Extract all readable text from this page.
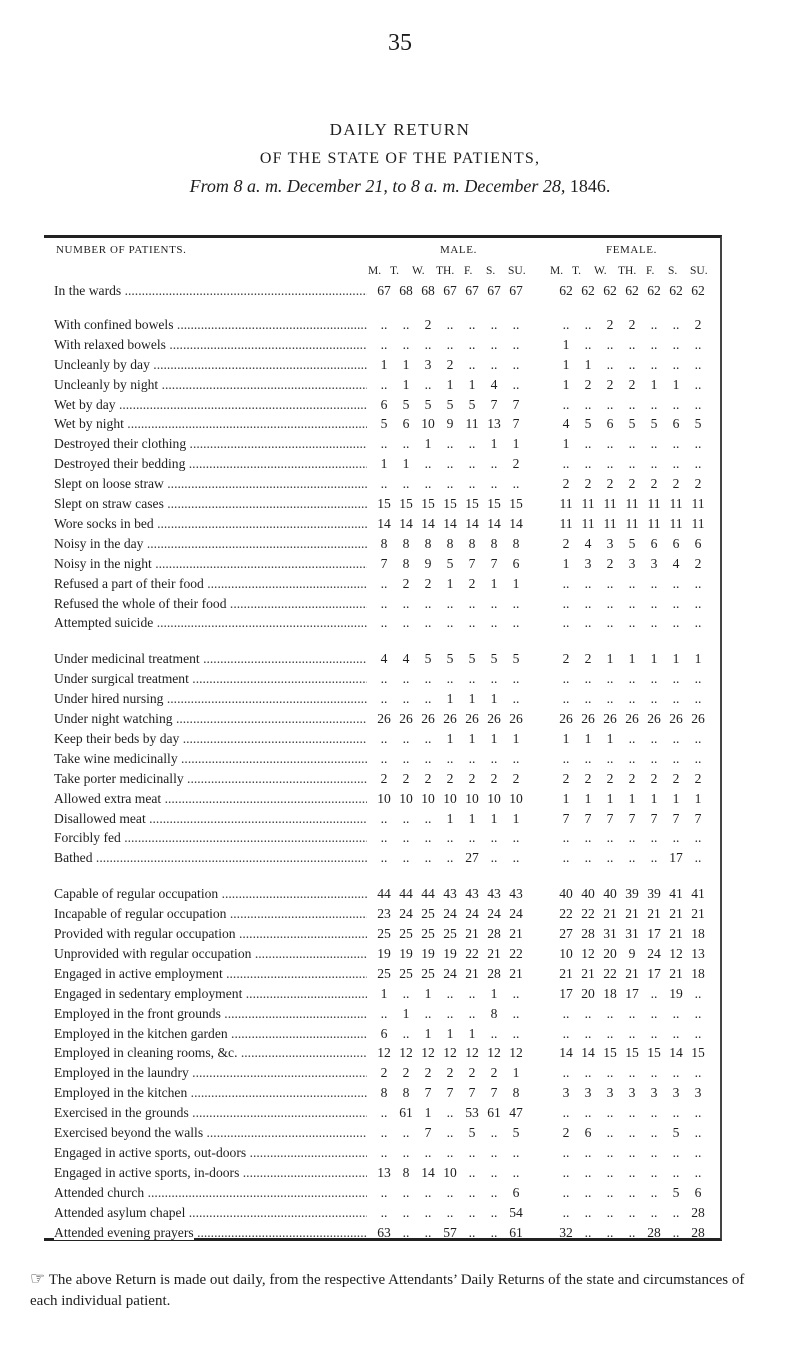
35
DAILY RETURN
OF THE STATE OF THE PATIENTS,
From 8 a. m. December 21, to 8 a. m. December 28, 1846.
NUMBER OF PATIENTS.	MALE.	FEMALE.
M. T. W. TH. F. S. SU. M. T. W. TH. F. S. SU.
In the wards .....	67 68 68 67 67 67 67	62 62 62 62 62 62 62
With confined bowels .....	..	..	2	..	..	..	..	..	..	2	2	..	..	2
With relaxed bowels .....	..	..	..	..	..	..	..	1	..	..	..	..	..	..
Uncleanly by day .....	1	1	3	2	..	..	..	1	1	..	..	..	..	..
Uncleanly by night .....	..	1	..	1	1	4	..	1	2	2	2	1	1	..
Wet by day .....	6	5	5	5	5	7	7	..	..	..	..	..	..	..
Wet by night .....	5	6 10 9 11 13 7	4	5	6	5	5	6	5
Destroyed their clothing .....	..	..	1	..	..	1	1	1	..	..	..	..	..	..
Destroyed their bedding .....	1	1	..	..	..	..	2	..	..	..	..	..	..	..
Slept on loose straw .....	..	..	..	..	..	..	..	2	2	2	2	2	2	2
Slept on straw cases .....	15 15 15 15 15 15 15	11 11 11 11 11 11 11
Wore socks in bed .....	14 14 14 14 14 14 14	11 11 11 11 11 11 11
Noisy in the day .....	8	8	8	8	8	8	8	2	4	3	5	6	6	6
Noisy in the night .....	7	8	9	5	7	7	6	1	3	2	3	3	4	2
Refused a part of their food .....	..	2	2	1	2	1	1	..	..	..	..	..	..	..
Refused the whole of their food .....	..	..	..	..	..	..	..	..	..	..	..	..	..	..
Attempted suicide .....	..	..	..	..	..	..	..	..	..	..	..	..	..	..
Under medicinal treatment .....	4	4	5	5	5	5	5	2	2	1	1	1	1	1
Under surgical treatment .....	..	..	..	..	..	..	..	..	..	..	..	..	..	..
Under hired nursing .....	..	..	..	1	1	1	..	..	..	..	..	..	..	..
Under night watching .....	26 26 26 26 26 26 26	26 26 26 26 26 26 26
Keep their beds by day .....	..	..	..	1	1	1	1	1	1	1	..	..	..	..
Take wine medicinally .....	..	..	..	..	..	..	..	..	..	..	..	..	..	..
Take porter medicinally .....	2	2	2	2	2	2	2	2	2	2	2	2	2	2
Allowed extra meat .....	10 10 10 10 10 10 10	1	1	1	1	1	1	1
Disallowed meat .....	..	..	..	1	1	1	1	7	7	7	7	7	7	7
Forcibly fed .....	..	..	..	..	..	..	..	..	..	..	..	..	..	..
Bathed .....	..	..	..	.. 27 ..	..	..	..	..	..	.. 17 ..
Capable of regular occupation .....	44 44 44 43 43 43 43	40 40 40 39 39 41 41
Incapable of regular occupation .....	23 24 25 24 24 24 24	22 22 21 21 21 21 21
Provided with regular occupation .....	25 25 25 25 21 28 21	27 28 31 31 17 21 18
Unprovided with regular occupation .....	19 19 19 19 22 21 22	10 12 20 9 24 12 13
Engaged in active employment .....	25 25 25 24 21 28 21	21 21 22 21 17 21 18
Engaged in sedentary employment .....	1	..	1	..	..	1	..	17 20 18 17 .. 19 ..
Employed in the front grounds .....	..	1	..	..	..	8	..	..	..	..	..	..	..	..
Employed in the kitchen garden .....	6	..	1	1	1	..	..	..	..	..	..	..	..	..
Employed in cleaning rooms, &c. .....	12 12 12 12 12 12 12	14 14 15 15 15 14 15
Employed in the laundry .....	2	2	2	2	2	2	1	..	..	..	..	..	..	..
Employed in the kitchen .....	8	8	7	7	7	7	8	3	3	3	3	3	3	3
Exercised in the grounds .....	.. 61 1	.. 53 61 47	..	..	..	..	..	..	..
Exercised beyond the walls .....	..	..	7	..	5	..	5	2	6	..	..	..	5	..
Engaged in active sports, out-doors .....	..	..	..	..	..	..	..	..	..	..	..	..	..	..
Engaged in active sports, in-doors .....	13 8 14 10 ..	..	..	..	..	..	..	..	..	..
Attended church .....	..	..	..	..	..	..	6	..	..	..	..	..	5	6
Attended asylum chapel .....	..	..	..	..	..	.. 54	..	..	..	..	..	.. 28
Attended evening prayers .....	63 ..	.. 57 ..	.. 61	32 ..	..	.. 28 .. 28
☞ The above Return is made out daily, from the respective Attendants’ Daily Returns of the state and circumstances of each individual patient.
